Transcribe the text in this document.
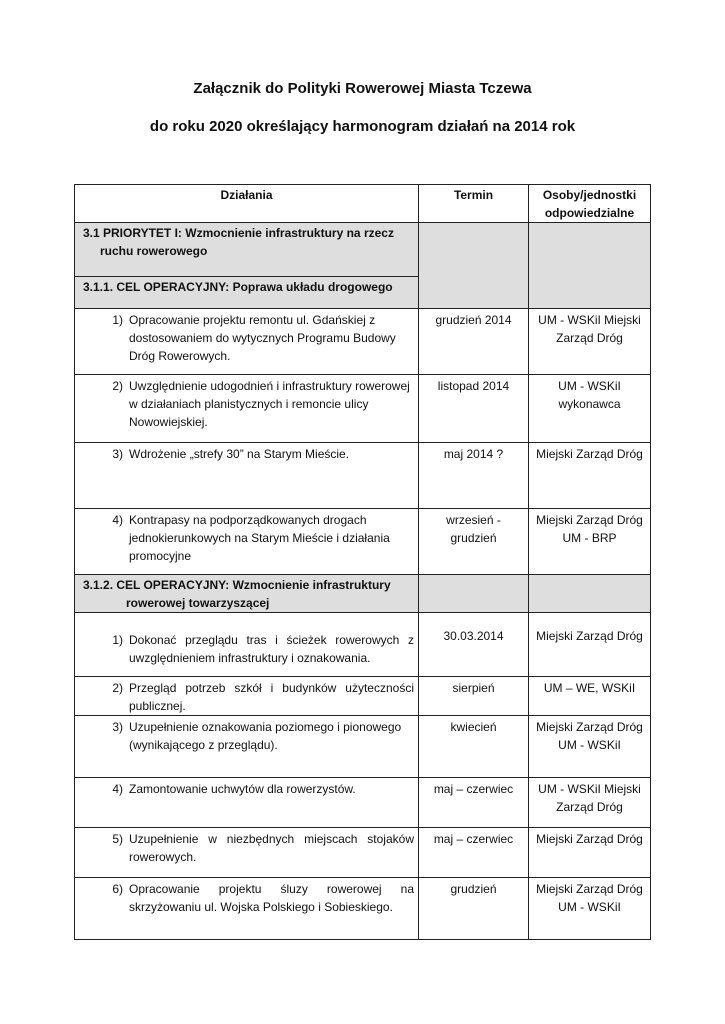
Załącznik do Polityki Rowerowej Miasta Tczewa
do roku 2020 określający harmonogram działań na 2014 rok
Działania	Termin	Osoby/jednostki odpowiedzialne

3.1 PRIORYTET I: Wzmocnienie infrastruktury na rzecz ruchu rowerowego		

3.1.1. CEL OPERACYJNY: Poprawa układu drogowego		

1) Opracowanie projektu remontu ul. Gdańskiej z dostosowaniem do wytycznych Programu Budowy Dróg Rowerowych.	grudzień 2014	UM - WSKiI Miejski Zarząd Dróg

2) Uwzględnienie udogodnień i infrastruktury rowerowej w działaniach planistycznych i remoncie ulicy Nowowiejskiej.	listopad 2014	UM - WSKiI wykonawca

3) Wdrożenie „strefy 30” na Starym Mieście.	maj 2014 ?	Miejski Zarząd Dróg

4) Kontrapasy na podporządkowanych drogach jednokierunkowych na Starym Mieście i działania promocyjne	wrzesień - grudzień	Miejski Zarząd Dróg UM - BRP

3.1.2. CEL OPERACYJNY: Wzmocnienie infrastruktury rowerowej towarzyszącej		

1) Dokonać przeglądu tras i ścieżek rowerowych z uwzględnieniem infrastruktury i oznakowania.	30.03.2014	Miejski Zarząd Dróg

2) Przegląd potrzeb szkół i budynków użyteczności publicznej.	sierpień	UM – WE, WSKiI

3) Uzupełnienie oznakowania poziomego i pionowego (wynikającego z przeglądu).	kwiecień	Miejski Zarząd Dróg UM - WSKiI

4) Zamontowanie uchwytów dla rowerzystów.	maj – czerwiec	UM - WSKiI Miejski Zarząd Dróg

5) Uzupełnienie w niezbędnych miejscach stojaków rowerowych.	maj – czerwiec	Miejski Zarząd Dróg

6) Opracowanie projektu śluzy rowerowej na skrzyżowaniu ul. Wojska Polskiego i Sobieskiego.	grudzień	Miejski Zarząd Dróg UM - WSKiI
